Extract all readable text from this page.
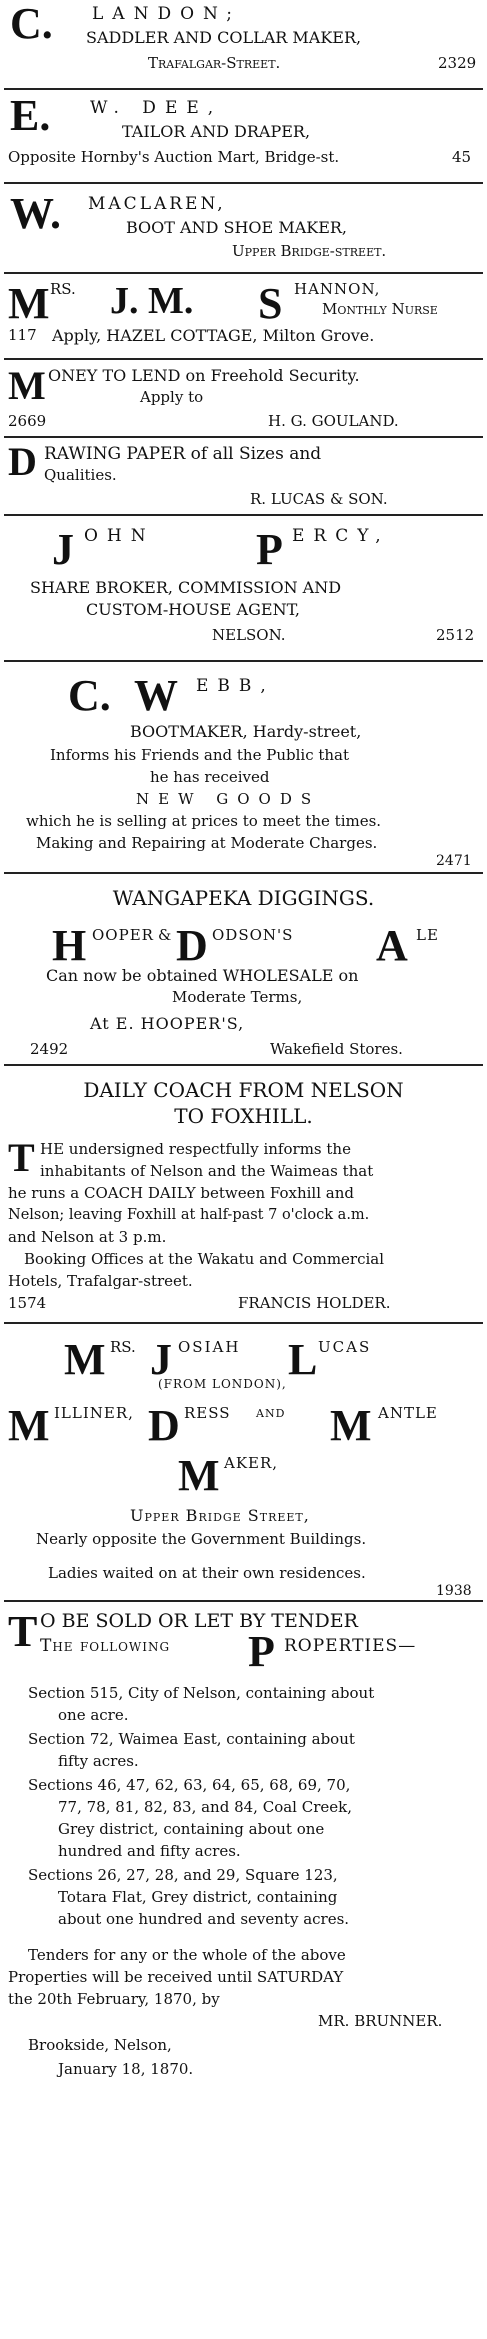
C. LANDON;
SADDLER AND COLLAR MAKER,
Trafalgar-Street.	2329
E. W. DEE,
TAILOR AND DRAPER,
Opposite Hornby's Auction Mart, Bridge-st.	45
W. MACLAREN,
BOOT AND SHOE MAKER,
Upper Bridge-street.
M RS. J. M. S HANNON,
Monthly Nurse
117 Apply, HAZEL COTTAGE, Milton Grove.
M ONEY TO LEND on Freehold Security.
Apply to
2669	H. G. GOULAND.
D RAWING PAPER of all Sizes and
Qualities.
R. LUCAS & SON.
J OHN P ERCY,
SHARE BROKER, COMMISSION AND
CUSTOM-HOUSE AGENT,
NELSON.	2512
C. W EBB,
BOOTMAKER, Hardy-street,
Informs his Friends and the Public that
he has received
NEW GOODS
which he is selling at prices to meet the times.
Making and Repairing at Moderate Charges.
2471
WANGAPEKA DIGGINGS.
H OOPER & D ODSON'S A LE
Can now be obtained WHOLESALE on
Moderate Terms,
At E. HOOPER'S,
2492	Wakefield Stores.
DAILY COACH FROM NELSON
TO FOXHILL.
T HE undersigned respectfully informs the
inhabitants of Nelson and the Waimeas that
he runs a COACH DAILY between Foxhill and
Nelson; leaving Foxhill at half-past 7 o'clock a.m.
and Nelson at 3 p.m.
Booking Offices at the Wakatu and Commercial
Hotels, Trafalgar-street.
1574	FRANCIS HOLDER.
M RS. J OSIAH L UCAS
(FROM LONDON),
M ILLINER, D RESS AND M ANTLE
M AKER,
Upper Bridge Street,
Nearly opposite the Government Buildings.
Ladies waited on at their own residences.
1938
T O BE SOLD OR LET BY TENDER
The following P ROPERTIES—
Section 515, City of Nelson, containing about
one acre.
Section 72, Waimea East, containing about
fifty acres.
Sections 46, 47, 62, 63, 64, 65, 68, 69, 70,
77, 78, 81, 82, 83, and 84, Coal Creek,
Grey district, containing about one
hundred and fifty acres.
Sections 26, 27, 28, and 29, Square 123,
Totara Flat, Grey district, containing
about one hundred and seventy acres.
Tenders for any or the whole of the above
Properties will be received until SATURDAY
the 20th February, 1870, by
MR. BRUNNER.
Brookside, Nelson,
January 18, 1870.
